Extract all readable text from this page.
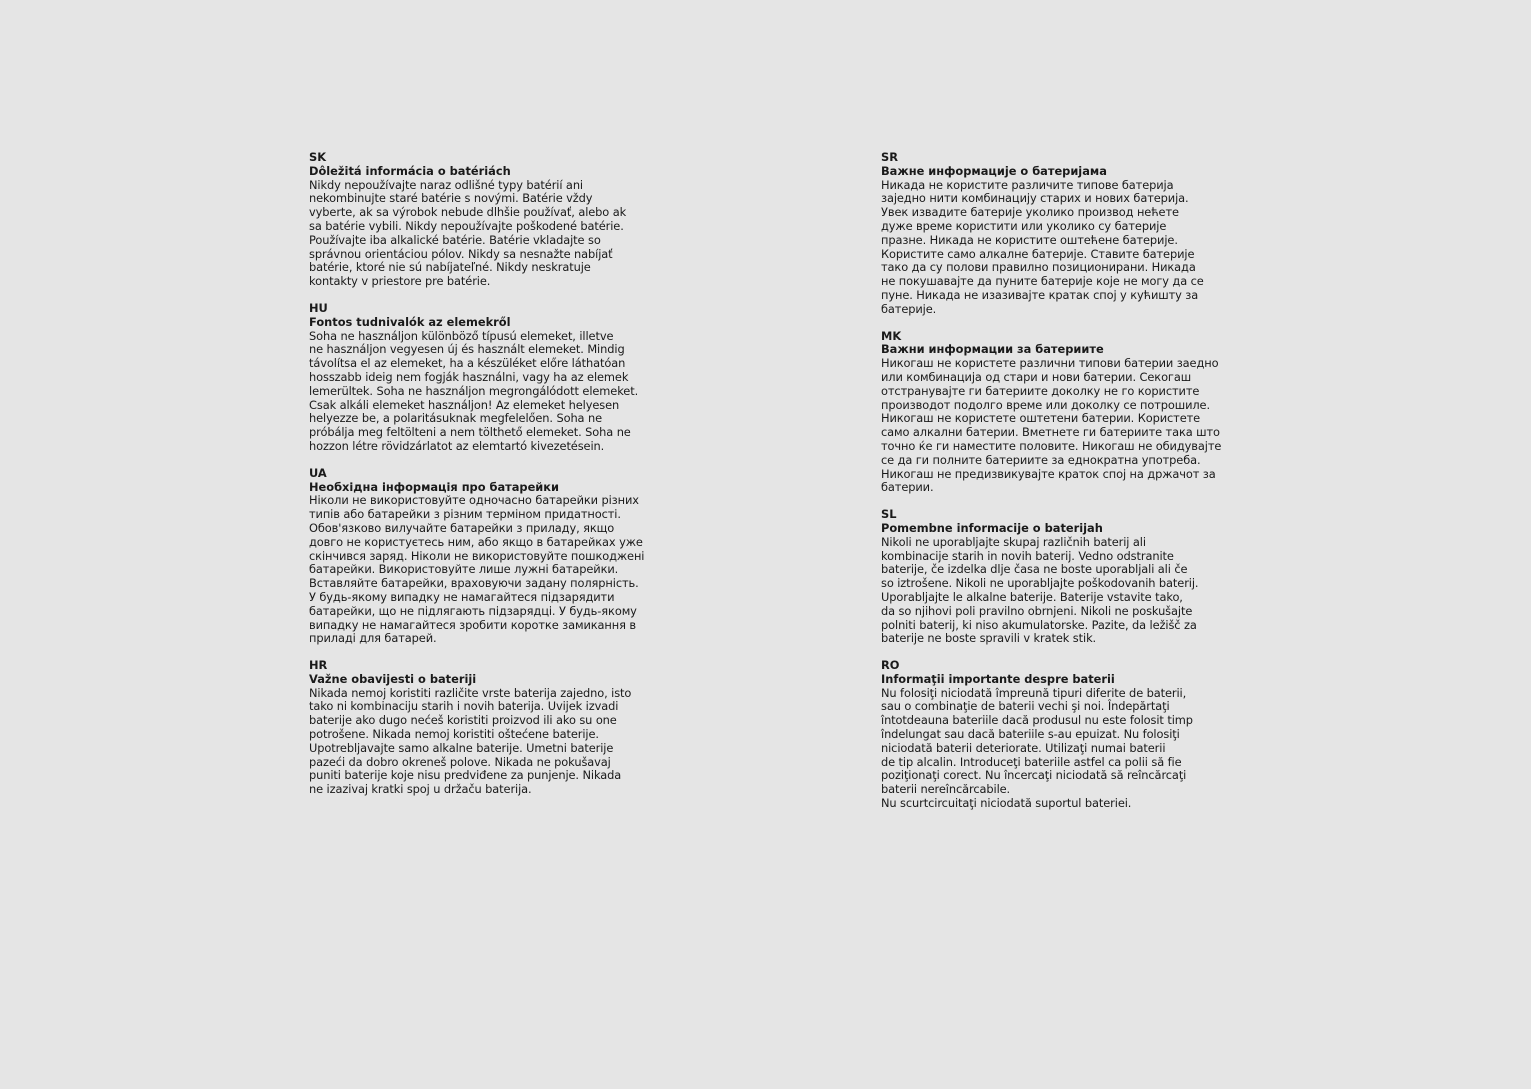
SK
Dôležitá informácia o batériách
Nikdy nepoužívajte naraz odlišné typy batérií ani
nekombinujte staré batérie s novými. Batérie vždy
vyberte, ak sa výrobok nebude dlhšie používať, alebo ak
sa batérie vybili. Nikdy nepoužívajte poškodené batérie.
Používajte iba alkalické batérie. Batérie vkladajte so
správnou orientáciou pólov. Nikdy sa nesnažte nabíjať
batérie, ktoré nie sú nabíjateľné. Nikdy neskratuje
kontakty v priestore pre batérie.
HU
Fontos tudnivalók az elemekről
Soha ne használjon különböző típusú elemeket, illetve
ne használjon vegyesen új és használt elemeket. Mindig
távolítsa el az elemeket, ha a készüléket előre láthatóan
hosszabb ideig nem fogják használni, vagy ha az elemek
lemerültek. Soha ne használjon megrongálódott elemeket.
Csak alkáli elemeket használjon! Az elemeket helyesen
helyezze be, a polaritásuknak megfelelően. Soha ne
próbálja meg feltölteni a nem tölthető elemeket. Soha ne
hozzon létre rövidzárlatot az elemtartó kivezetésein.
UA
Необхідна інформація про батарейки
Ніколи не використовуйте одночасно батарейки різних
типів або батарейки з різним терміном придатності.
Обов'язково вилучайте батарейки з приладу, якщо
довго не користуєтесь ним, або якщо в батарейках уже
скінчився заряд. Ніколи не використовуйте пошкоджені
батарейки. Використовуйте лише лужні батарейки.
Вставляйте батарейки, враховуючи задану полярність.
У будь-якому випадку не намагайтеся підзарядити
батарейки, що не підлягають підзарядці. У будь-якому
випадку не намагайтеся зробити коротке замикання в
приладі для батарей.
HR
Važne obavijesti o bateriji
Nikada nemoj koristiti različite vrste baterija zajedno, isto
tako ni kombinaciju starih i novih baterija. Uvijek izvadi
baterije ako dugo nećeš koristiti proizvod ili ako su one
potrošene. Nikada nemoj koristiti oštećene baterije.
Upotrebljavajte samo alkalne baterije. Umetni baterije
pazeći da dobro okreneš polove. Nikada ne pokušavaj
puniti baterije koje nisu predviđene za punjenje. Nikada
ne izazivaj kratki spoj u držaču baterija.
SR
Важне информације о батеријама
Никада не користите различите типове батерија
заједно нити комбинацију старих и нових батерија.
Увек извадите батерије уколико производ нећете
дуже време користити или уколико су батерије
празне. Никада не користите оштећене батерије.
Користите само алкалне батерије. Ставите батерије
тако да су полови правилно позиционирани. Никада
не покушавајте да пуните батерије које не могу да се
пуне. Никада не изазивајте кратак спој у кућишту за
батерије.
MK
Важни информации за батериите
Никогаш не користете различни типови батерии заедно
или комбинација од стари и нови батерии. Секогаш
отстранувајте ги батериите доколку не го користите
производот подолго време или доколку се потрошиле.
Никогаш не користете оштетени батерии. Користете
само алкални батерии. Вметнете ги батериите така што
точно ќе ги наместите половите. Никогаш не обидувајте
се да ги полните батериите за еднократна употреба.
Никогаш не предизвикувајте краток спој на држачот за
батерии.
SL
Pomembne informacije o baterijah
Nikoli ne uporabljajte skupaj različnih baterij ali
kombinacije starih in novih baterij. Vedno odstranite
baterije, če izdelka dlje časa ne boste uporabljali ali če
so iztrošene. Nikoli ne uporabljajte poškodovanih baterij.
Uporabljajte le alkalne baterije. Baterije vstavite tako,
da so njihovi poli pravilno obrnjeni. Nikoli ne poskušajte
polniti baterij, ki niso akumulatorske. Pazite, da ležišč za
baterije ne boste spravili v kratek stik.
RO
Informaţii importante despre baterii
Nu folosiţi niciodată împreună tipuri diferite de baterii,
sau o combinaţie de baterii vechi şi noi. Îndepărtaţi
întotdeauna bateriile dacă produsul nu este folosit timp
îndelungat sau dacă bateriile s-au epuizat. Nu folosiţi
niciodată baterii deteriorate. Utilizaţi numai baterii
de tip alcalin. Introduceţi bateriile astfel ca polii să fie
poziţionaţi corect. Nu încercaţi niciodată să reîncărcaţi
baterii nereîncărcabile.
Nu scurtcircuitaţi niciodată suportul bateriei.
